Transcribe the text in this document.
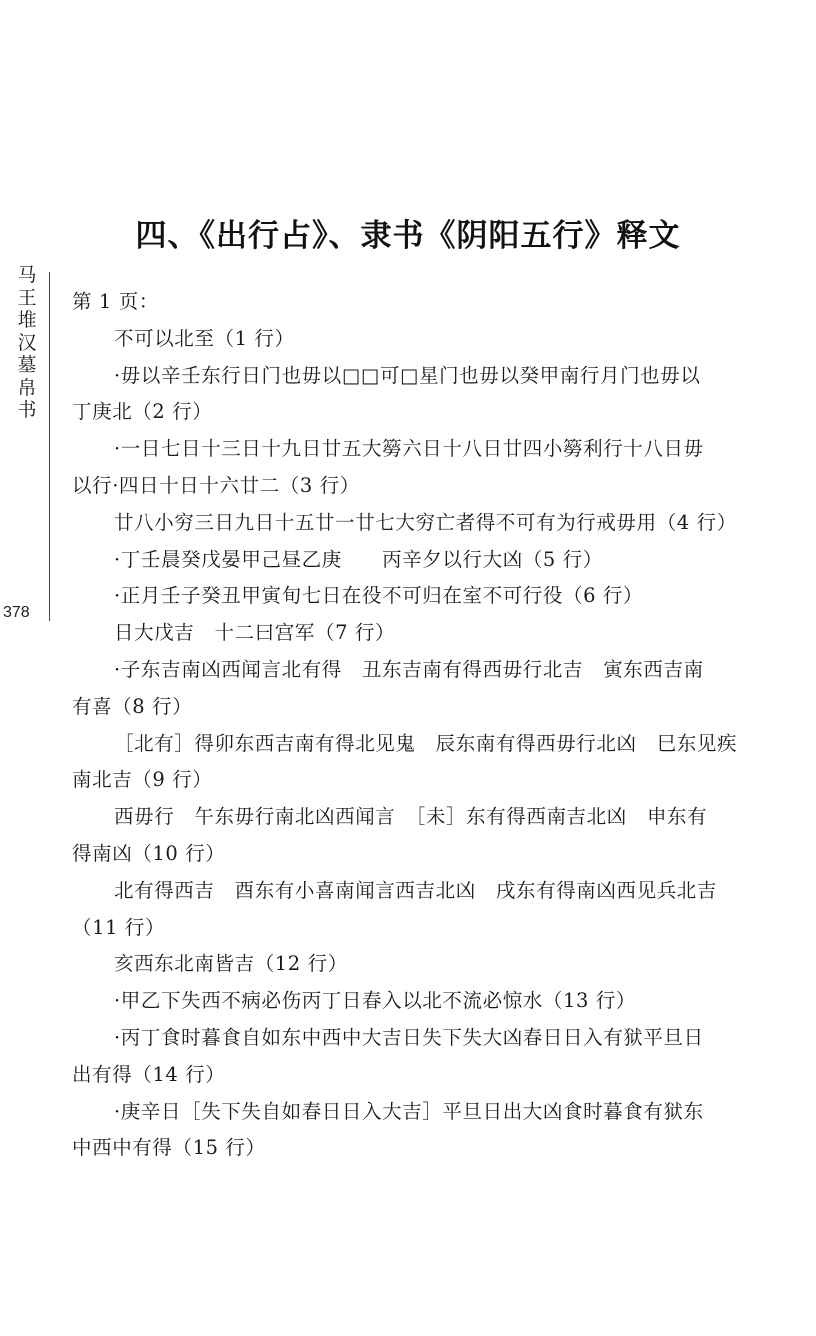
马
王
堆
汉
墓
帛
书
378
四、《出行占》、隶书《阴阳五行》释文
第 1 页：
不可以北至（1 行）
·毋以辛壬东行日门也毋以□□可□星门也毋以癸甲南行月门也毋以
丁庚北（2 行）
·一日七日十三日十九日廿五大簩六日十八日廿四小簩利行十八日毋
以行·四日十日十六廿二（3 行）
廿八小穷三日九日十五廿一廿七大穷亡者得不可有为行戒毋用（4 行）
·丁壬晨癸戊晏甲己昼乙庚　　丙辛夕以行大凶（5 行）
·正月壬子癸丑甲寅旬七日在役不可归在室不可行役（6 行）
日大戊吉　十二曰宫军（7 行）
·子东吉南凶西闻言北有得　丑东吉南有得西毋行北吉　寅东西吉南
有喜（8 行）
［北有］得卯东西吉南有得北见鬼　辰东南有得西毋行北凶　巳东见疾
南北吉（9 行）
西毋行　午东毋行南北凶西闻言　［未］东有得西南吉北凶　申东有
得南凶（10 行）
北有得西吉　酉东有小喜南闻言西吉北凶　戌东有得南凶西见兵北吉
（11 行）
亥西东北南皆吉（12 行）
·甲乙下失西不病必伤丙丁日春入以北不流必惊水（13 行）
·丙丁食时暮食自如东中西中大吉日失下失大凶春日日入有狱平旦日
出有得（14 行）
·庚辛日［失下失自如春日日入大吉］平旦日出大凶食时暮食有狱东
中西中有得（15 行）
